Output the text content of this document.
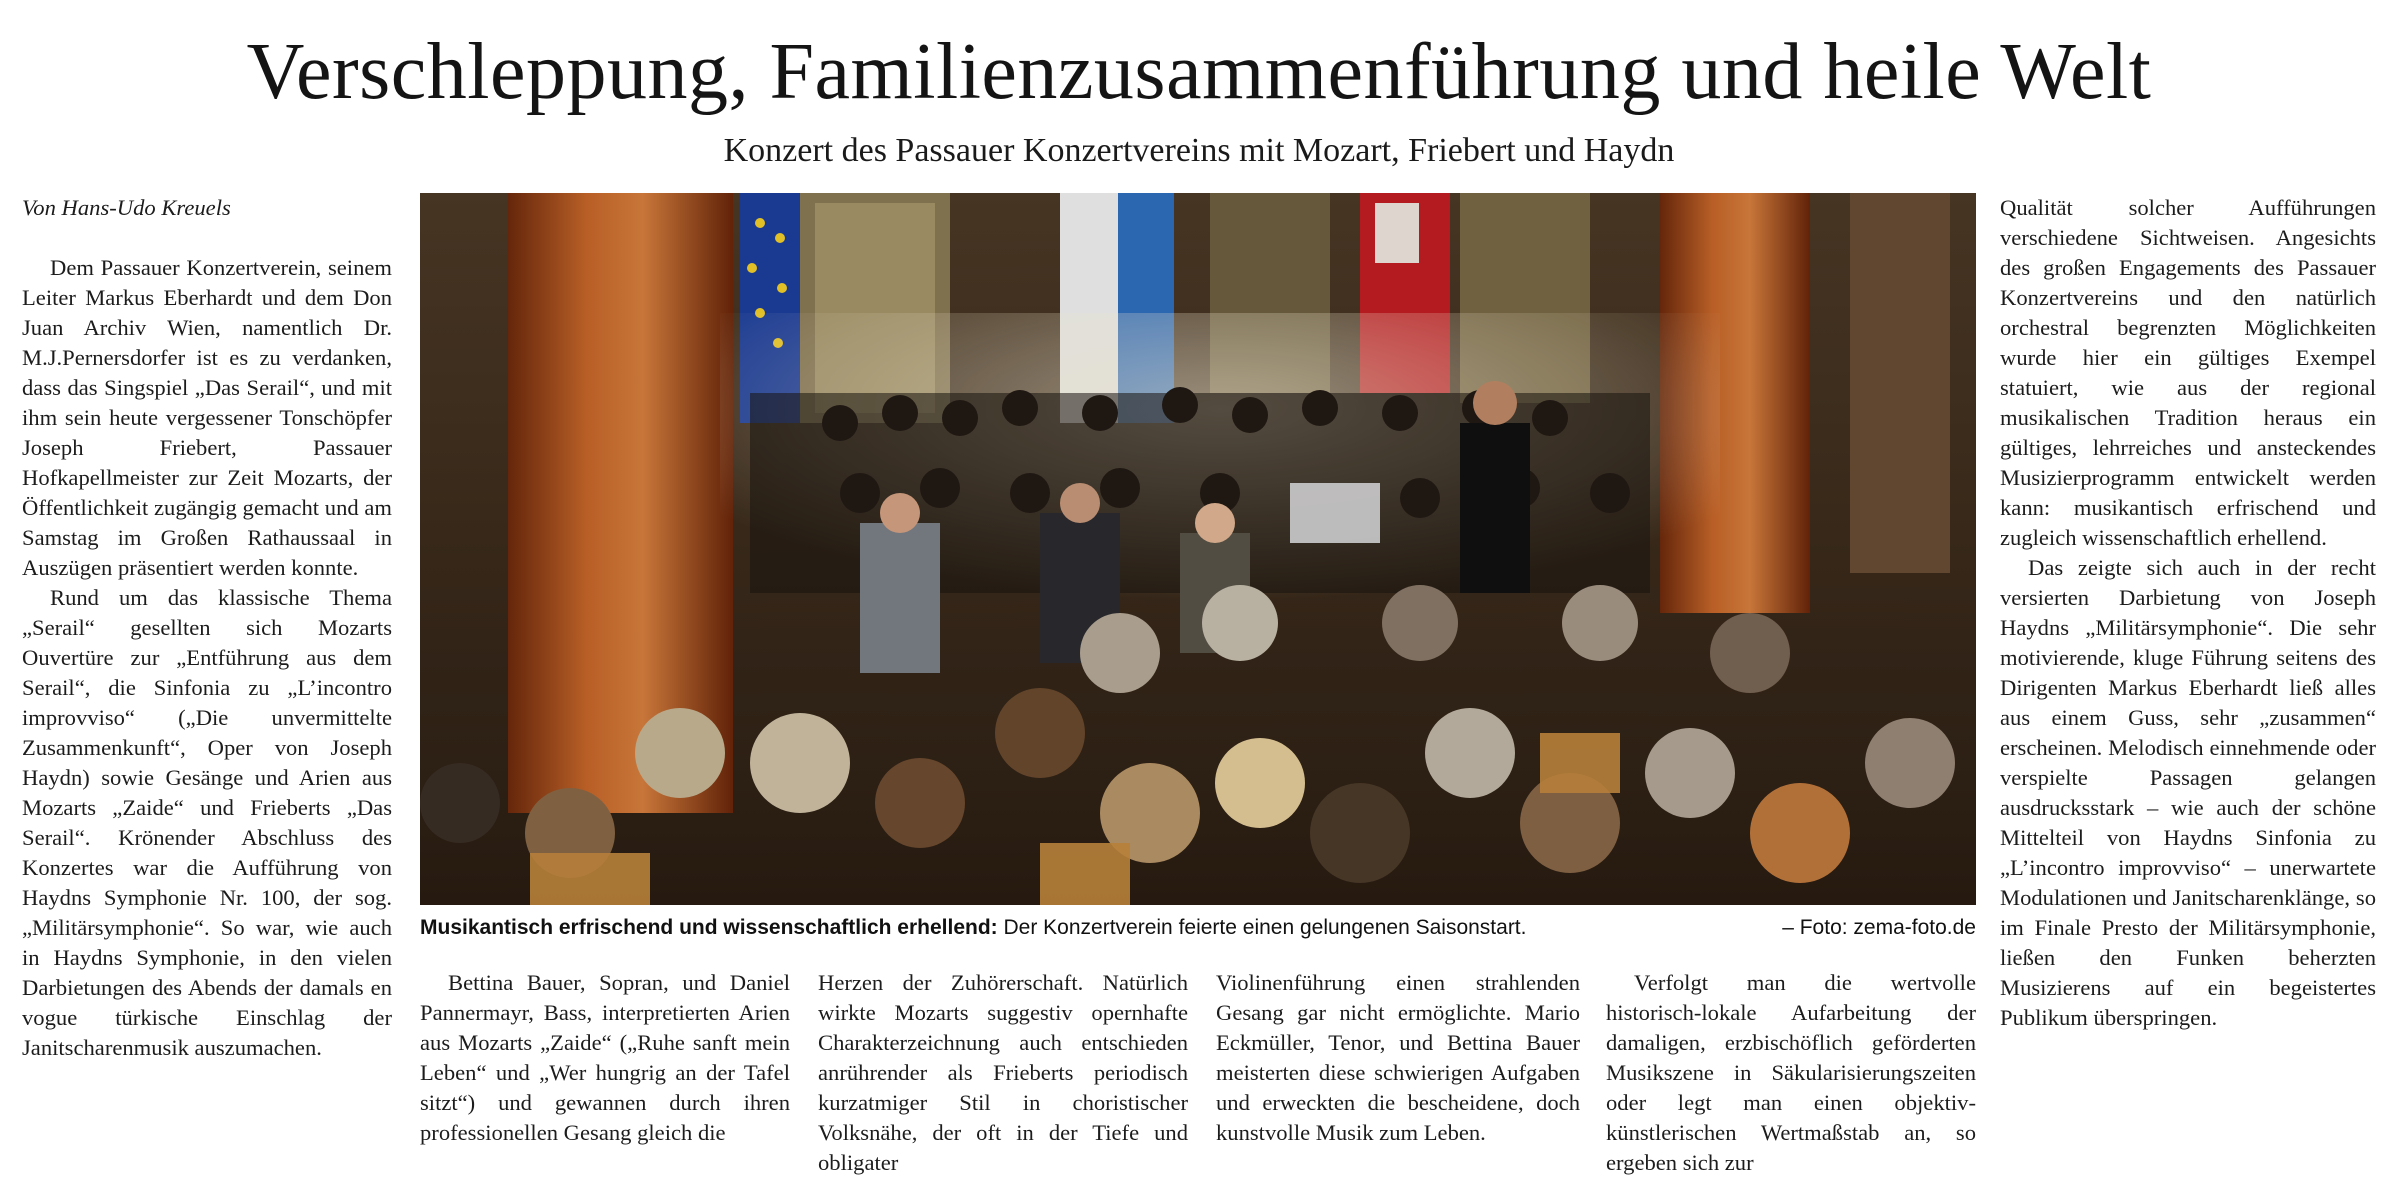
Verschleppung, Familienzusammenführung und heile Welt
Konzert des Passauer Konzertvereins mit Mozart, Friebert und Haydn

Von Hans-Udo Kreuels

Dem Passauer Konzertverein, seinem Leiter Markus Eberhardt und dem Don Juan Archiv Wien, namentlich Dr. M.J.Pernersdorfer ist es zu verdanken, dass das Singspiel „Das Serail“, und mit ihm sein heute vergessener Tonschöpfer Joseph Friebert, Passauer Hofkapellmeister zur Zeit Mozarts, der Öffentlichkeit zugängig gemacht und am Samstag im Großen Rathaussaal in Auszügen präsentiert werden konnte.

Rund um das klassische Thema „Serail“ gesellten sich Mozarts Ouvertüre zur „Entführung aus dem Serail“, die Sinfonia zu „L’incontro improvviso“ („Die unvermittelte Zusammenkunft“, Oper von Joseph Haydn) sowie Gesänge und Arien aus Mozarts „Zaide“ und Frieberts „Das Serail“. Krönender Abschluss des Konzertes war die Aufführung von Haydns Symphonie Nr. 100, der sog. „Militärsymphonie“. So war, wie auch in Haydns Symphonie, in den vielen Darbietungen des Abends der damals en vogue türkische Einschlag der Janitscharenmusik auszumachen.

Musikantisch erfrischend und wissenschaftlich erhellend: Der Konzertverein feierte einen gelungenen Saisonstart.	– Foto: zema-foto.de

Bettina Bauer, Sopran, und Daniel Pannermayr, Bass, interpretierten Arien aus Mozarts „Zaide“ („Ruhe sanft mein Leben“ und „Wer hungrig an der Tafel sitzt“) und gewannen durch ihren professionellen Gesang gleich die

Herzen der Zuhörerschaft. Natürlich wirkte Mozarts suggestiv opernhafte Charakterzeichnung auch entschieden anrührender als Frieberts periodisch kurzatmiger Stil in choristischer Volksnähe, der oft in der Tiefe und obligater

Violinenführung einen strahlenden Gesang gar nicht ermöglichte. Mario Eckmüller, Tenor, und Bettina Bauer meisterten diese schwierigen Aufgaben und erweckten die bescheidene, doch kunstvolle Musik zum Leben.

Verfolgt man die wertvolle historisch-lokale Aufarbeitung der damaligen, erzbischöflich geförderten Musikszene in Säkularisierungszeiten oder legt man einen objektiv-künstlerischen Wertmaßstab an, so ergeben sich zur

Qualität solcher Aufführungen verschiedene Sichtweisen. Angesichts des großen Engagements des Passauer Konzertvereins und den natürlich orchestral begrenzten Möglichkeiten wurde hier ein gültiges Exempel statuiert, wie aus der regional musikalischen Tradition heraus ein gültiges, lehrreiches und ansteckendes Musizierprogramm entwickelt werden kann: musikantisch erfrischend und zugleich wissenschaftlich erhellend.

Das zeigte sich auch in der recht versierten Darbietung von Joseph Haydns „Militärsymphonie“. Die sehr motivierende, kluge Führung seitens des Dirigenten Markus Eberhardt ließ alles aus einem Guss, sehr „zusammen“ erscheinen. Melodisch einnehmende oder verspielte Passagen gelangen ausdrucksstark – wie auch der schöne Mittelteil von Haydns Sinfonia zu „L’incontro improvviso“ – unerwartete Modulationen und Janitscharenklänge, so im Finale Presto der Militärsymphonie, ließen den Funken beherzten Musizierens auf ein begeistertes Publikum überspringen.
